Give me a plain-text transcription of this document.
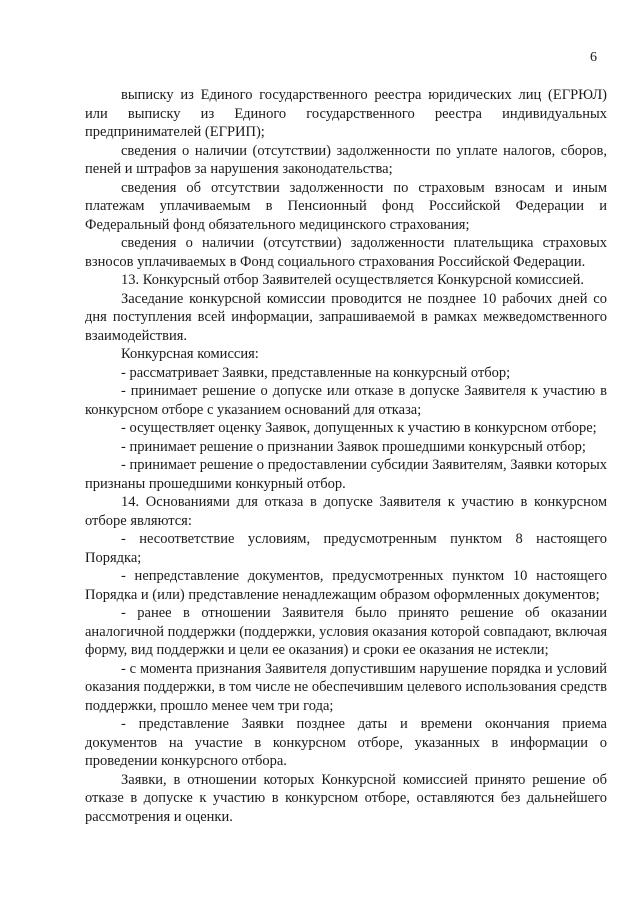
6

выписку из Единого государственного реестра юридических лиц (ЕГРЮЛ) или выписку из Единого государственного реестра индивидуальных предпринимателей (ЕГРИП);

сведения о наличии (отсутствии) задолженности по уплате налогов, сборов, пеней и штрафов за нарушения законодательства;

сведения об отсутствии задолженности по страховым взносам и иным платежам уплачиваемым в Пенсионный фонд Российской Федерации и Федеральный фонд обязательного медицинского страхования;

сведения о наличии (отсутствии) задолженности плательщика страховых взносов уплачиваемых в Фонд социального страхования Российской Федерации.

13. Конкурсный отбор Заявителей осуществляется Конкурсной комиссией.

Заседание конкурсной комиссии проводится не позднее 10 рабочих дней со дня поступления всей информации, запрашиваемой в рамках межведомственного взаимодействия.

Конкурсная комиссия:

- рассматривает Заявки, представленные на конкурсный отбор;

- принимает решение о допуске или отказе в допуске Заявителя к участию в конкурсном отборе с указанием оснований для отказа;

- осуществляет оценку Заявок, допущенных к участию в конкурсном отборе;

- принимает решение о признании Заявок прошедшими конкурсный отбор;

- принимает решение о предоставлении субсидии Заявителям, Заявки которых признаны прошедшими конкурный отбор.

14. Основаниями для отказа в допуске Заявителя к участию в конкурсном отборе являются:

- несоответствие условиям, предусмотренным пунктом 8 настоящего Порядка;

- непредставление документов, предусмотренных пунктом 10 настоящего Порядка и (или) представление ненадлежащим образом оформленных документов;

- ранее в отношении Заявителя было принято решение об оказании аналогичной поддержки (поддержки, условия оказания которой совпадают, включая форму, вид поддержки и цели ее оказания) и сроки ее оказания не истекли;

- с момента признания Заявителя допустившим нарушение порядка и условий оказания поддержки, в том числе не обеспечившим целевого использования средств поддержки, прошло менее чем три года;

- представление Заявки позднее даты и времени окончания приема документов на участие в конкурсном отборе, указанных в информации о проведении конкурсного отбора.

Заявки, в отношении которых Конкурсной комиссией принято решение об отказе в допуске к участию в конкурсном отборе, оставляются без дальнейшего рассмотрения и оценки.
